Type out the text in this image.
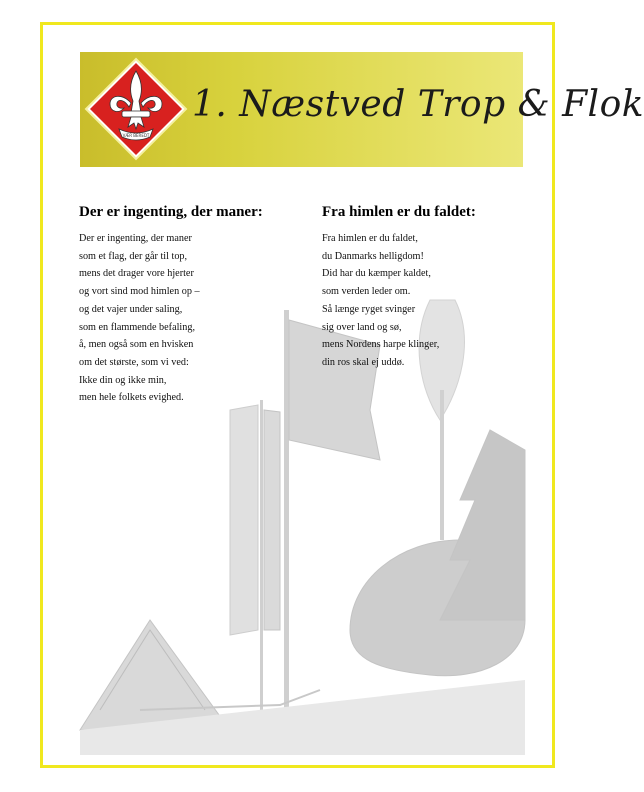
VÆR BEREDT
1. Næstved Trop & Flok
Der er ingenting, der maner:
Der er ingenting, der maner
som et flag, der går til top,
mens det drager vore hjerter
og vort sind mod himlen op –
og det vajer under saling,
som en flammende befaling,
å, men også som en hvisken
om det største, som vi ved:
Ikke din og ikke min,
men hele folkets evighed.
Fra himlen er du faldet:
Fra himlen er du faldet,
du Danmarks helligdom!
Did har du kæmper kaldet,
som verden leder om.
Så længe ryget svinger
sig over land og sø,
mens Nordens harpe klinger,
din ros skal ej uddø.
